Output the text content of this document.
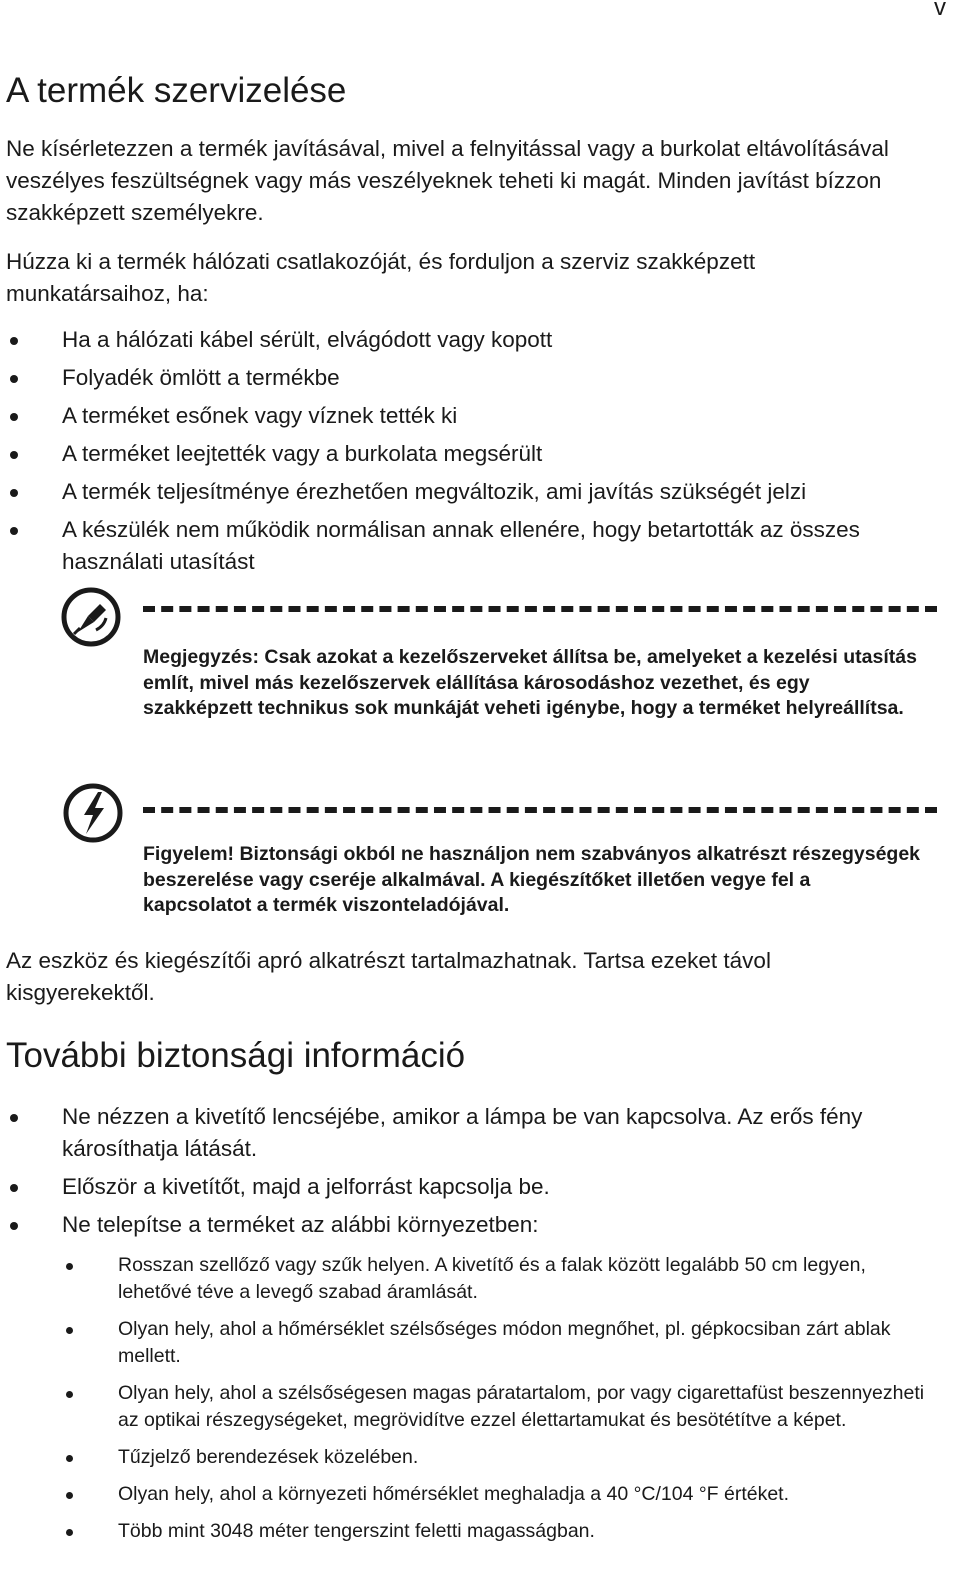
v
A termék szervizelése

Ne kísérletezzen a termék javításával, mivel a felnyitással vagy a burkolat eltávolításával veszélyes feszültségnek vagy más veszélyeknek teheti ki magát. Minden javítást bízzon szakképzett személyekre.

Húzza ki a termék hálózati csatlakozóját, és forduljon a szerviz szakképzett munkatársaihoz, ha:

Ha a hálózati kábel sérült, elvágódott vagy kopott
Folyadék ömlött a termékbe
A terméket esőnek vagy víznek tették ki
A terméket leejtették vagy a burkolata megsérült
A termék teljesítménye érezhetően megváltozik, ami javítás szükségét jelzi
A készülék nem működik normálisan annak ellenére, hogy betartották az összes használati utasítást

Megjegyzés: Csak azokat a kezelőszerveket állítsa be, amelyeket a kezelési utasítás említ, mivel más kezelőszervek elállítása károsodáshoz vezethet, és egy szakképzett technikus sok munkáját veheti igénybe, hogy a terméket helyreállítsa.

Figyelem! Biztonsági okból ne használjon nem szabványos alkatrészt részegységek beszerelése vagy cseréje alkalmával. A kiegészítőket illetően vegye fel a kapcsolatot a termék viszonteladójával.

Az eszköz és kiegészítői apró alkatrészt tartalmazhatnak. Tartsa ezeket távol kisgyerekektől.

További biztonsági információ
Ne nézzen a kivetítő lencséjébe, amikor a lámpa be van kapcsolva. Az erős fény károsíthatja látását.
Először a kivetítőt, majd a jelforrást kapcsolja be.
Ne telepítse a terméket az alábbi környezetben:
Rosszan szellőző vagy szűk helyen. A kivetítő és a falak között legalább 50 cm legyen, lehetővé téve a levegő szabad áramlását.
Olyan hely, ahol a hőmérséklet szélsőséges módon megnőhet, pl. gépkocsiban zárt ablak mellett.
Olyan hely, ahol a szélsőségesen magas páratartalom, por vagy cigarettafüst beszennyezheti az optikai részegységeket, megrövidítve ezzel élettartamukat és besötétítve a képet.
Tűzjelző berendezések közelében.
Olyan hely, ahol a környezeti hőmérséklet meghaladja a 40 °C/104 °F értéket.
Több mint 3048 méter tengerszint feletti magasságban.
